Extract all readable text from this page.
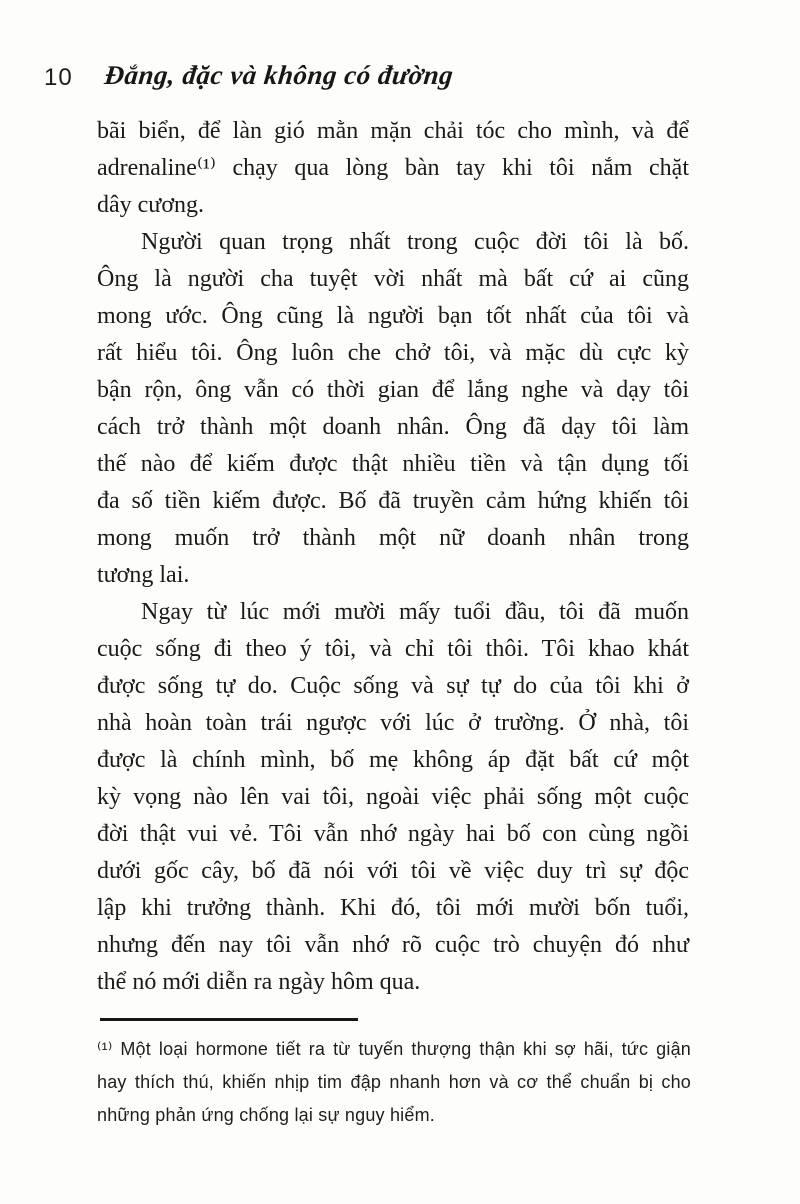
10 Đắng, đặc và không có đường
bãi biển, để làn gió mằn mặn chải tóc cho mình, và để
adrenaline⁽¹⁾ chạy qua lòng bàn tay khi tôi nắm chặt
dây cương.
Người quan trọng nhất trong cuộc đời tôi là bố.
Ông là người cha tuyệt vời nhất mà bất cứ ai cũng
mong ước. Ông cũng là người bạn tốt nhất của tôi và
rất hiểu tôi. Ông luôn che chở tôi, và mặc dù cực kỳ
bận rộn, ông vẫn có thời gian để lắng nghe và dạy tôi
cách trở thành một doanh nhân. Ông đã dạy tôi làm
thế nào để kiếm được thật nhiều tiền và tận dụng tối
đa số tiền kiếm được. Bố đã truyền cảm hứng khiến tôi
mong muốn trở thành một nữ doanh nhân trong
tương lai.
Ngay từ lúc mới mười mấy tuổi đầu, tôi đã muốn
cuộc sống đi theo ý tôi, và chỉ tôi thôi. Tôi khao khát
được sống tự do. Cuộc sống và sự tự do của tôi khi ở
nhà hoàn toàn trái ngược với lúc ở trường. Ở nhà, tôi
được là chính mình, bố mẹ không áp đặt bất cứ một
kỳ vọng nào lên vai tôi, ngoài việc phải sống một cuộc
đời thật vui vẻ. Tôi vẫn nhớ ngày hai bố con cùng ngồi
dưới gốc cây, bố đã nói với tôi về việc duy trì sự độc
lập khi trưởng thành. Khi đó, tôi mới mười bốn tuổi,
nhưng đến nay tôi vẫn nhớ rõ cuộc trò chuyện đó như
thể nó mới diễn ra ngày hôm qua.
⁽¹⁾ Một loại hormone tiết ra từ tuyến thượng thận khi sợ hãi, tức giận
hay thích thú, khiến nhịp tim đập nhanh hơn và cơ thể chuẩn bị cho
những phản ứng chống lại sự nguy hiểm.
